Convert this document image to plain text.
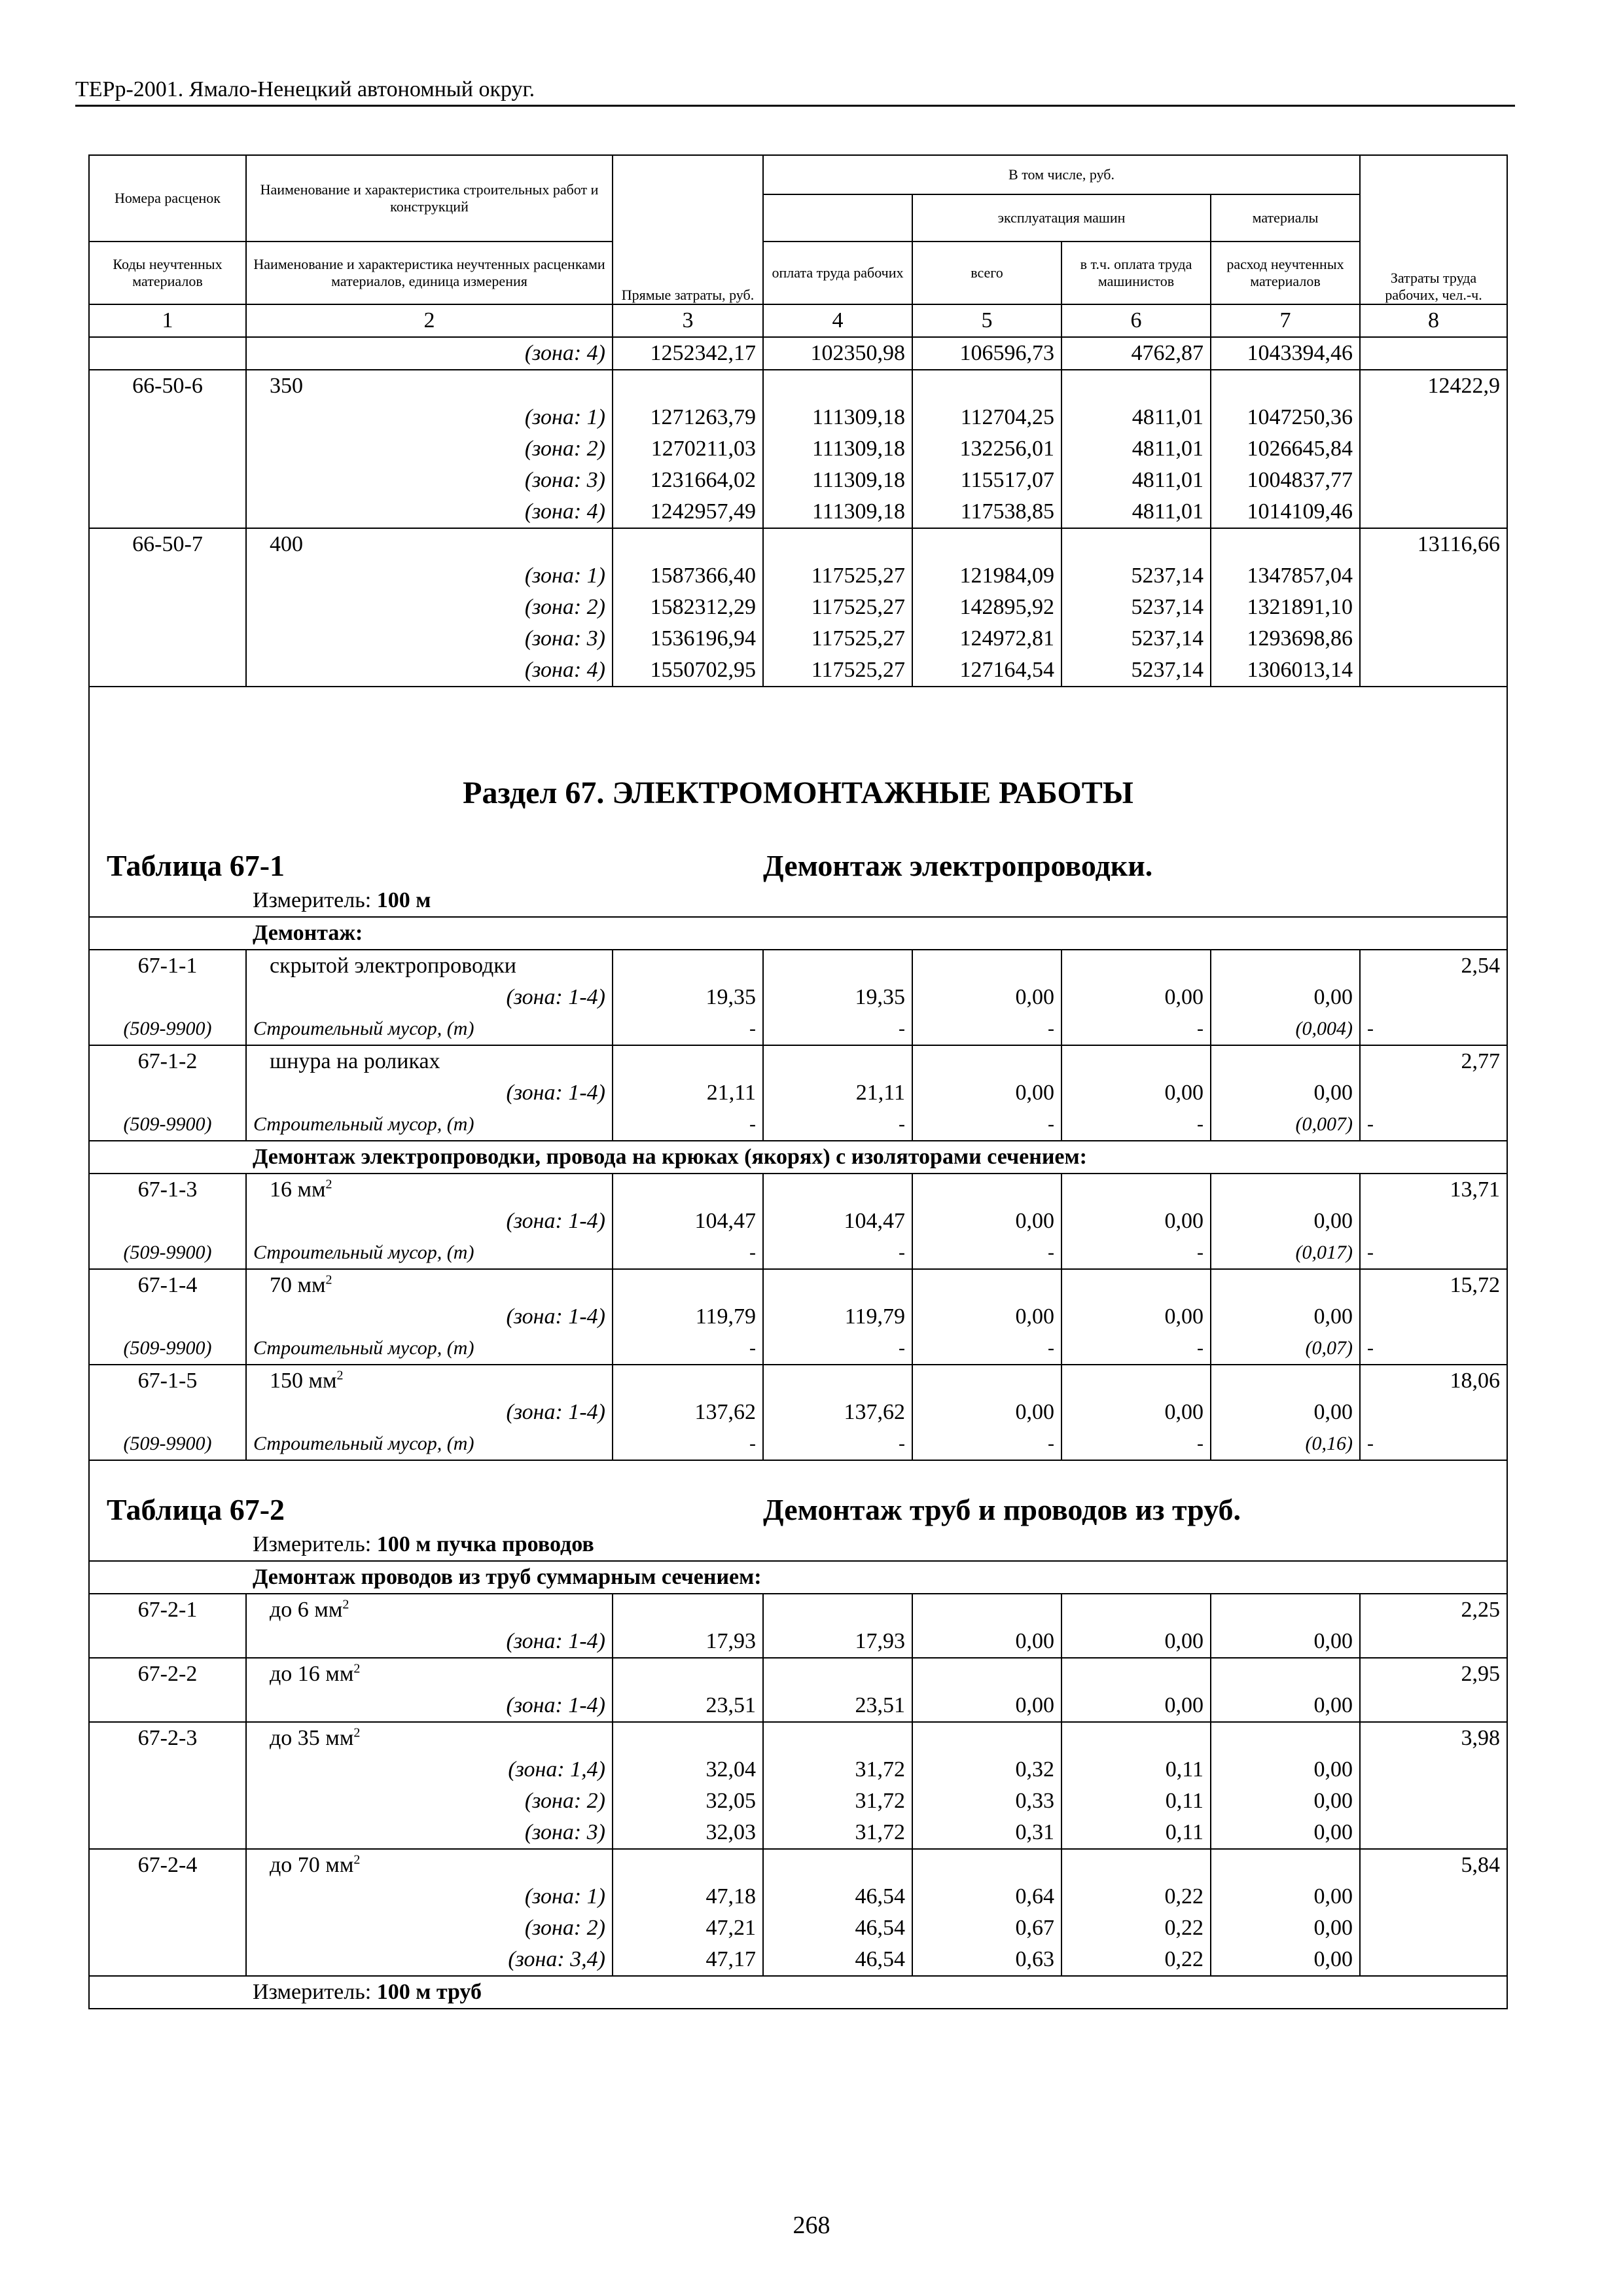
ТЕРр-2001. Ямало-Ненецкий автономный округ.
Номера расценок	Наименование и характеристика строительных работ и конструкций	Прямые затраты, руб.	В том числе, руб.				Затраты труда рабочих, чел.-ч.
				эксплуатация машин		материалы	
Коды неучтенных материалов	Наименование и характеристика неучтенных расценками материалов, единица измерения		оплата труда рабочих	всего	в т.ч. оплата труда машинистов	расход неучтенных материалов	
1	2	3	4	5	6	7	8
	(зона: 4)	1252342,17	102350,98	106596,73	4762,87	1043394,46	
66-50-6	350						12422,9
	(зона: 1)	1271263,79	111309,18	112704,25	4811,01	1047250,36	
	(зона: 2)	1270211,03	111309,18	132256,01	4811,01	1026645,84	
	(зона: 3)	1231664,02	111309,18	115517,07	4811,01	1004837,77	
	(зона: 4)	1242957,49	111309,18	117538,85	4811,01	1014109,46	
66-50-7	400						13116,66
	(зона: 1)	1587366,40	117525,27	121984,09	5237,14	1347857,04	
	(зона: 2)	1582312,29	117525,27	142895,92	5237,14	1321891,10	
	(зона: 3)	1536196,94	117525,27	124972,81	5237,14	1293698,86	
	(зона: 4)	1550702,95	117525,27	127164,54	5237,14	1306013,14	
Раздел 67. ЭЛЕКТРОМОНТАЖНЫЕ РАБОТЫ							
Таблица 67-1			Демонтаж электропроводки.				
	Измеритель: 100 м						
	Демонтаж:						
67-1-1	скрытой электропроводки						2,54
	(зона: 1-4)	19,35	19,35	0,00	0,00	0,00	
(509-9900)	Строительный мусор, (т)	-	-	-	-	(0,004)	-
67-1-2	шнура на роликах						2,77
	(зона: 1-4)	21,11	21,11	0,00	0,00	0,00	
(509-9900)	Строительный мусор, (т)	-	-	-	-	(0,007)	-
	Демонтаж электропроводки, провода на крюках (якорях) с изоляторами сечением:						
67-1-3	16 $мм^2$						13,71
	(зона: 1-4)	104,47	104,47	0,00	0,00	0,00	
(509-9900)	Строительный мусор, (т)	-	-	-	-	(0,017)	-
67-1-4	70 $мм^2$						15,72
	(зона: 1-4)	119,79	119,79	0,00	0,00	0,00	
(509-9900)	Строительный мусор, (т)	-	-	-	-	(0,07)	-
67-1-5	150 $мм^2$						18,06
	(зона: 1-4)	137,62	137,62	0,00	0,00	0,00	
(509-9900)	Строительный мусор, (т)	-	-	-	-	(0,16)	-

Таблица 67-2			Демонтаж труб и проводов из труб.				
	Измеритель: 100 м пучка проводов						
	Демонтаж проводов из труб суммарным сечением:						
67-2-1	до 6 $мм^2$						2,25
	(зона: 1-4)	17,93	17,93	0,00	0,00	0,00	
67-2-2	до 16 $мм^2$						2,95
	(зона: 1-4)	23,51	23,51	0,00	0,00	0,00	
67-2-3	до 35 $мм^2$						3,98
	(зона: 1,4)	32,04	31,72	0,32	0,11	0,00	
	(зона: 2)	32,05	31,72	0,33	0,11	0,00	
	(зона: 3)	32,03	31,72	0,31	0,11	0,00	
67-2-4	до 70 $мм^2$						5,84
	(зона: 1)	47,18	46,54	0,64	0,22	0,00	
	(зона: 2)	47,21	46,54	0,67	0,22	0,00	
	(зона: 3,4)	47,17	46,54	0,63	0,22	0,00	
	Измеритель: 100 м труб						
268
